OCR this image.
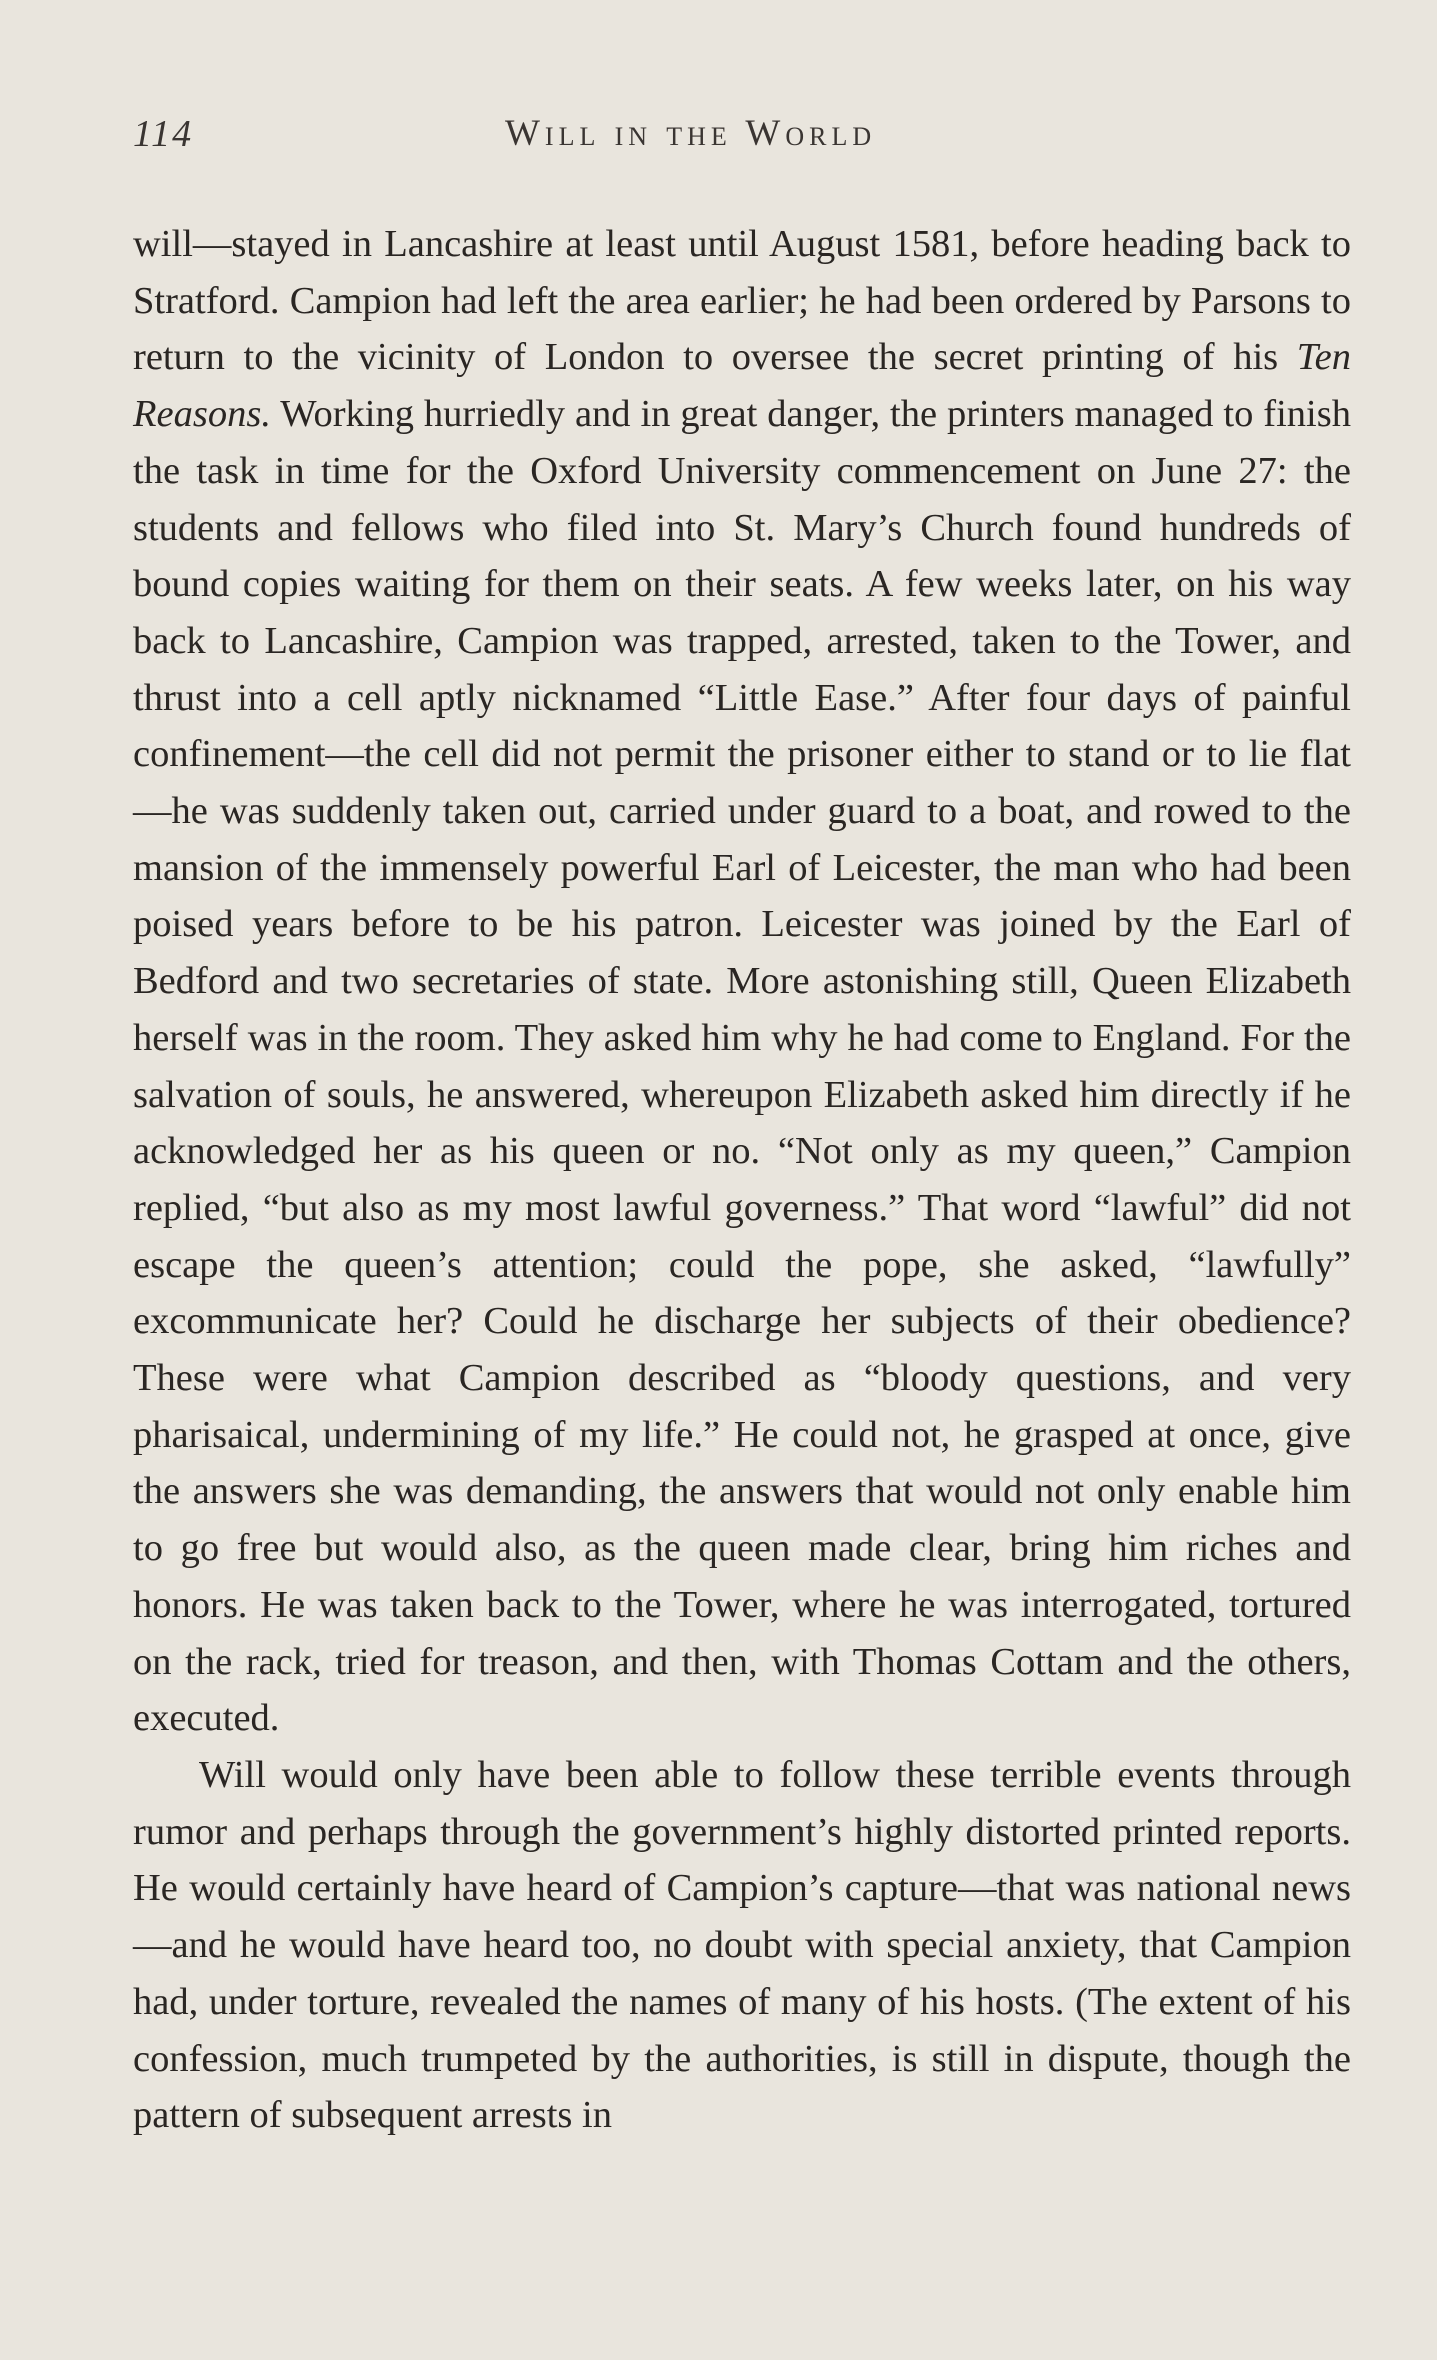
114	Will in the World

will—stayed in Lancashire at least until August 1581, before heading back to Stratford. Campion had left the area earlier; he had been ordered by Parsons to return to the vicinity of London to oversee the secret printing of his Ten Reasons. Working hurriedly and in great danger, the printers managed to finish the task in time for the Oxford University commencement on June 27: the students and fellows who filed into St. Mary’s Church found hundreds of bound copies waiting for them on their seats. A few weeks later, on his way back to Lancashire, Campion was trapped, arrested, taken to the Tower, and thrust into a cell aptly nicknamed “Little Ease.” After four days of painful confinement—the cell did not permit the prisoner either to stand or to lie flat—he was suddenly taken out, carried under guard to a boat, and rowed to the mansion of the immensely powerful Earl of Leicester, the man who had been poised years before to be his patron. Leicester was joined by the Earl of Bedford and two secretaries of state. More astonishing still, Queen Elizabeth herself was in the room. They asked him why he had come to England. For the salvation of souls, he answered, whereupon Elizabeth asked him directly if he acknowledged her as his queen or no. “Not only as my queen,” Campion replied, “but also as my most lawful governess.” That word “lawful” did not escape the queen’s attention; could the pope, she asked, “lawfully” excommunicate her? Could he discharge her subjects of their obedience? These were what Campion described as “bloody questions, and very pharisaical, undermining of my life.” He could not, he grasped at once, give the answers she was demanding, the answers that would not only enable him to go free but would also, as the queen made clear, bring him riches and honors. He was taken back to the Tower, where he was interrogated, tortured on the rack, tried for treason, and then, with Thomas Cottam and the others, executed.

Will would only have been able to follow these terrible events through rumor and perhaps through the government’s highly distorted printed reports. He would certainly have heard of Campion’s capture—that was national news—and he would have heard too, no doubt with special anxiety, that Campion had, under torture, revealed the names of many of his hosts. (The extent of his confession, much trumpeted by the authorities, is still in dispute, though the pattern of subsequent arrests in
